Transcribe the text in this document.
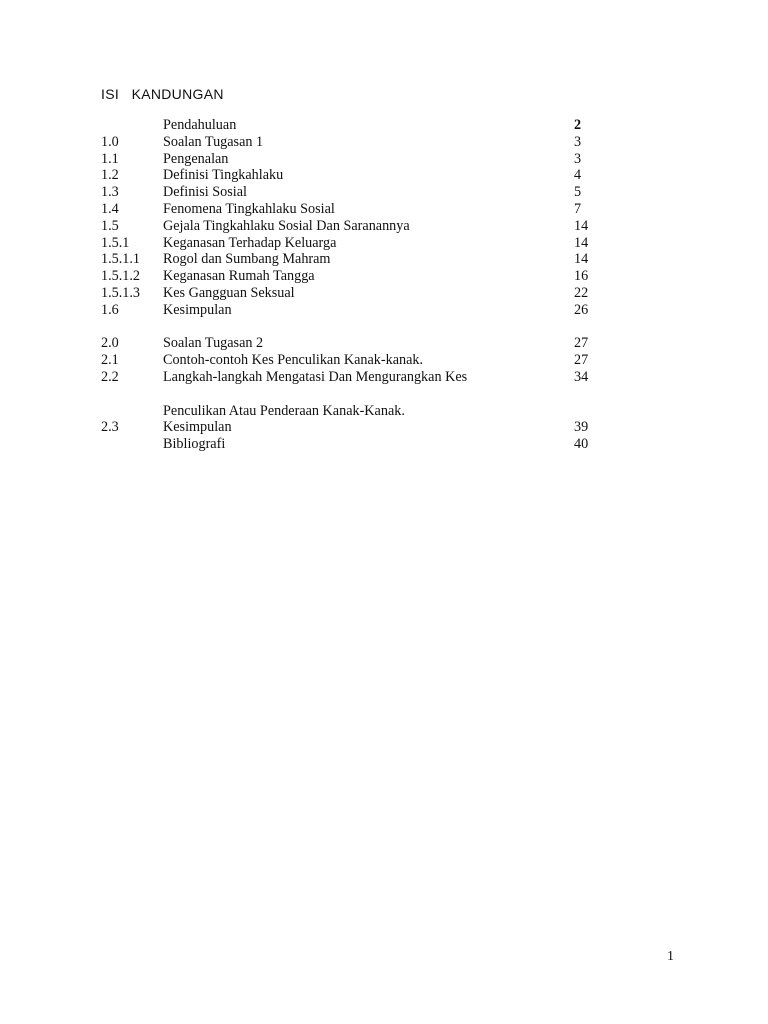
ISI   KANDUNGAN
Pendahuluan	2
1.0	Soalan Tugasan 1	3
1.1	Pengenalan	3
1.2	Definisi Tingkahlaku	4
1.3	Definisi Sosial	5
1.4	Fenomena Tingkahlaku Sosial	7
1.5	Gejala Tingkahlaku Sosial Dan Saranannya	14
1.5.1 Keganasan Terhadap Keluarga	14
1.5.1.1 Rogol dan Sumbang Mahram	14
1.5.1.2 Keganasan Rumah Tangga	16
1.5.1.3 Kes Gangguan Seksual	22
1.6	Kesimpulan	26
2.0	Soalan Tugasan 2	27
2.1	Contoh-contoh Kes Penculikan Kanak-kanak.	27
2.2	Langkah-langkah Mengatasi Dan Mengurangkan Kes	34
Penculikan Atau Penderaan Kanak-Kanak.
2.3	Kesimpulan	39
Bibliografi	40
1
